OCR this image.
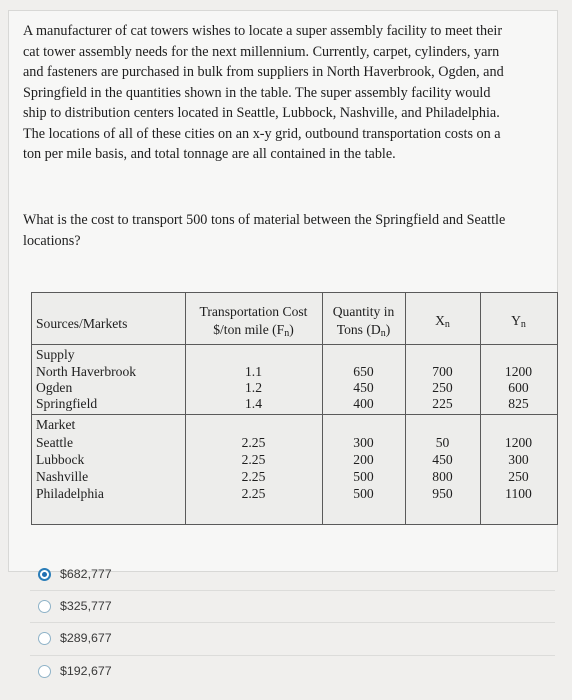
A manufacturer of cat towers wishes to locate a super assembly facility to meet their
cat tower assembly needs for the next millennium. Currently, carpet, cylinders, yarn
and fasteners are purchased in bulk from suppliers in North Haverbrook, Ogden, and
Springfield in the quantities shown in the table. The super assembly facility would
ship to distribution centers located in Seattle, Lubbock, Nashville, and Philadelphia.
The locations of all of these cities on an x-y grid, outbound transportation costs on a
ton per mile basis, and total tonnage are all contained in the table.

What is the cost to transport 500 tons of material between the Springfield and Seattle
locations?

Sources/Markets
Transportation Cost
$/ton mile $(F_n)$
Quantity in
Tons $(D_n)$
$X_n$	$Y_n$
Supply
North Haverbrook
Ogden
Springfield
1.1
1.2
1.4
650
450
400
700
250
225
1200
600
825
Market
Seattle
Lubbock
Nashville
Philadelphia
2.25
2.25
2.25
2.25
300
200
500
500
50
450
800
950
1200
300
250
1100
$682,777
$325,777
$289,677
$192,677
